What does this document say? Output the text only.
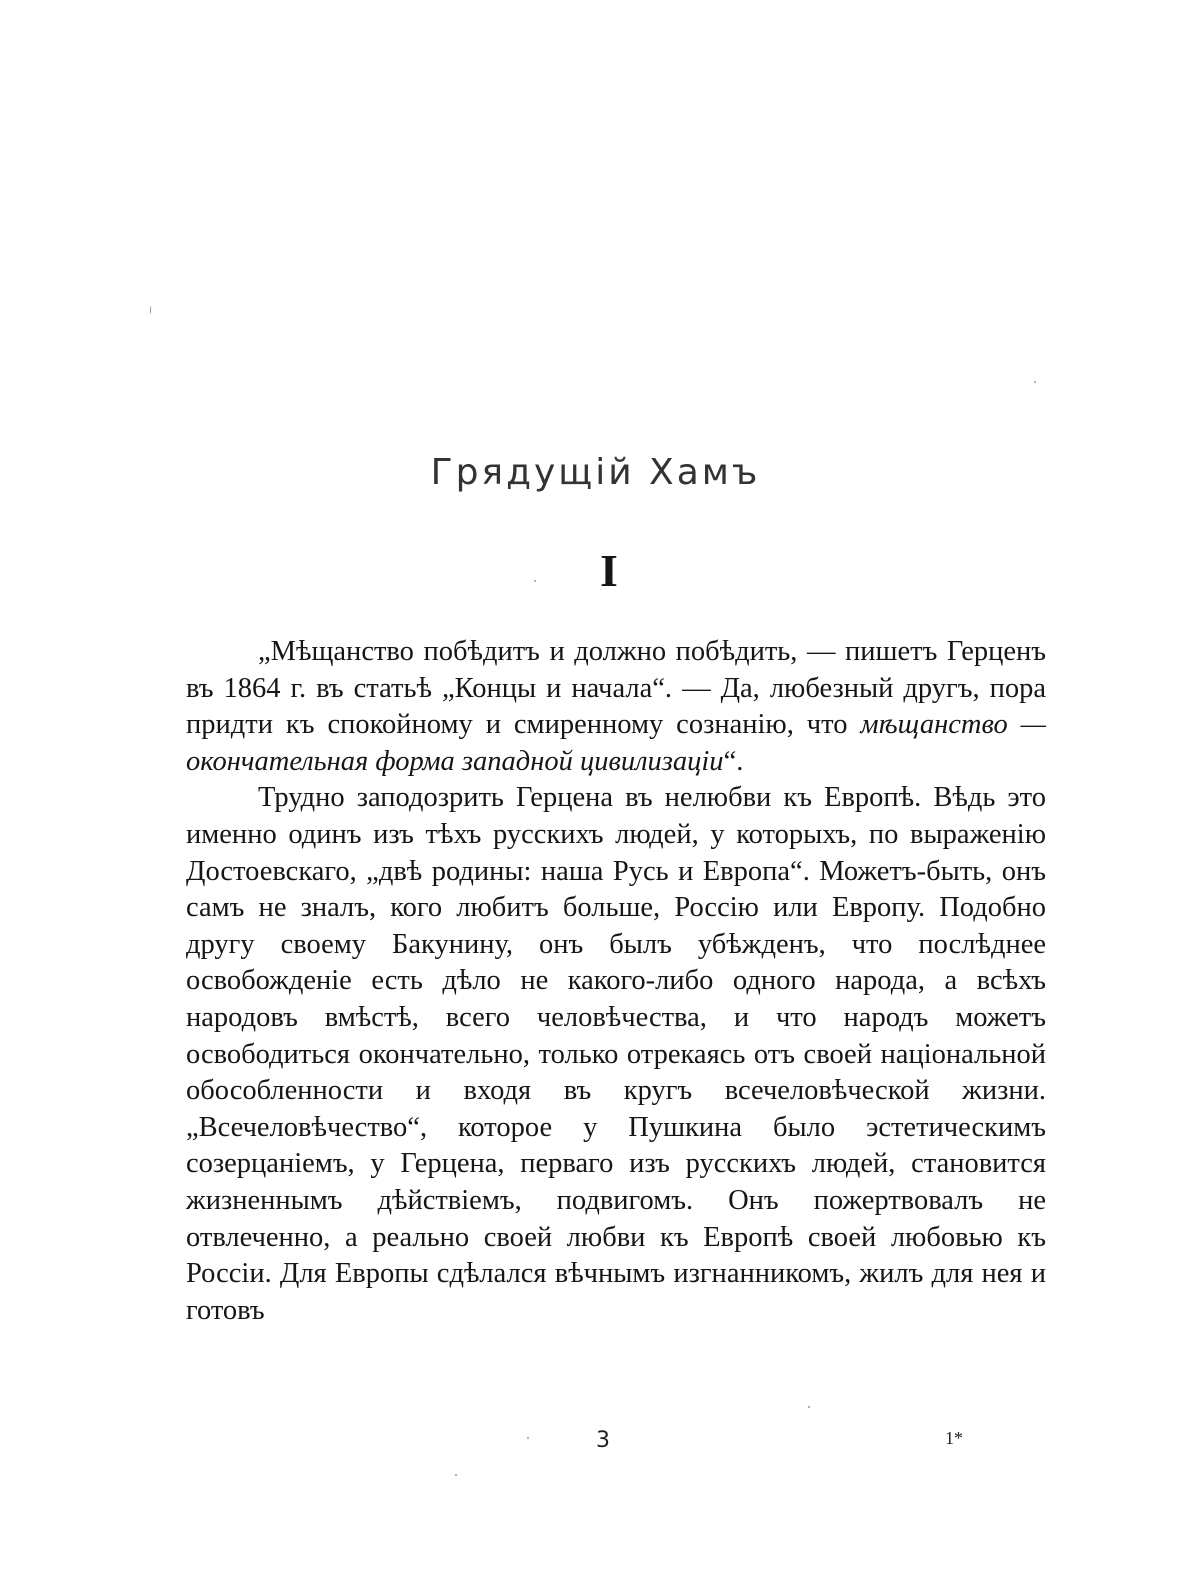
Грядущій Хамъ
I

„Мѣщанство побѣдитъ и должно побѣдить, — пишетъ Герценъ въ 1864 г. въ статьѣ „Концы и начала“. — Да, любезный другъ, пора придти къ спокойному и смиренному сознанію, что мѣщанство — окончательная форма западной цивилизаціи“.

Трудно заподозрить Герцена въ нелюбви къ Европѣ. Вѣдь это именно одинъ изъ тѣхъ русскихъ людей, у которыхъ, по выраженію Достоевскаго, „двѣ родины: наша Русь и Европа“. Можетъ-быть, онъ самъ не зналъ, кого любитъ больше, Россію или Европу. Подобно другу своему Бакунину, онъ былъ убѣжденъ, что послѣднее освобожденіе есть дѣло не какого-либо одного народа, а всѣхъ народовъ вмѣстѣ, всего человѣчества, и что народъ можетъ освободиться окончательно, только отрекаясь отъ своей національной обособленности и входя въ кругъ всечеловѣческой жизни. „Всечеловѣчество“, которое у Пушкина было эстетическимъ созерцаніемъ, у Герцена, перваго изъ русскихъ людей, становится жизненнымъ дѣйствіемъ, подвигомъ. Онъ пожертвовалъ не отвлеченно, а реально своей любви къ Европѣ своей любовью къ Россіи. Для Европы сдѣлался вѣчнымъ изгнанникомъ, жилъ для нея и готовъ

3	1*
